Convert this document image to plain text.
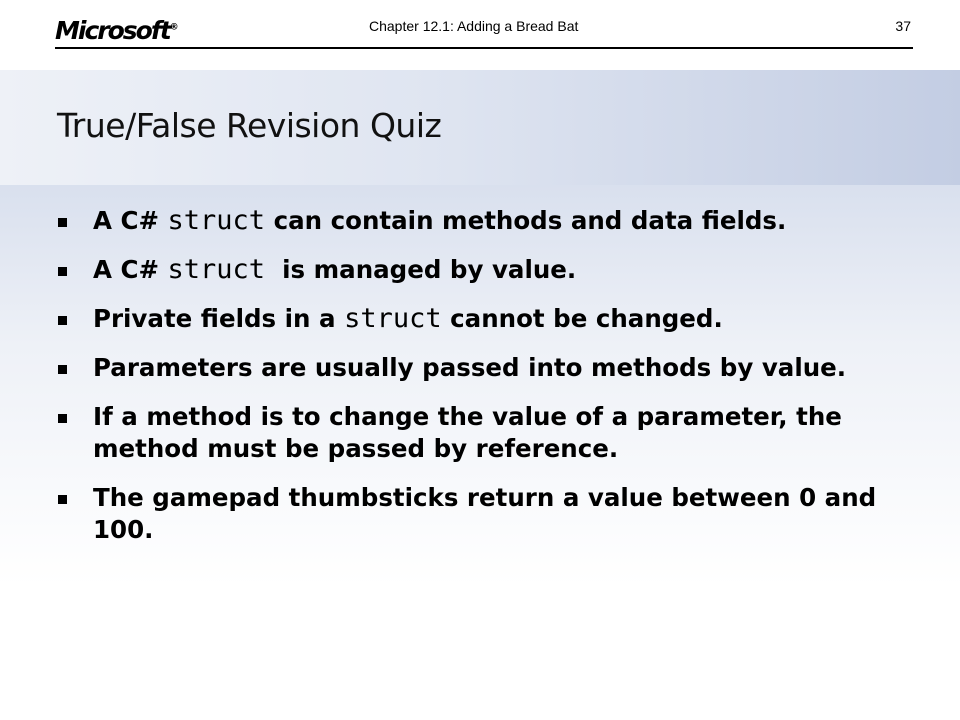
Microsoft®	Chapter 12.1: Adding a Bread Bat	37
True/False Revision Quiz
A C# struct can contain methods and data fields.
A C# struct  is managed by value.
Private fields in a struct cannot be changed.
Parameters are usually passed into methods by value.
If a method is to change the value of a parameter, the method must be passed by reference.
The gamepad thumbsticks return a value between 0 and 100.
